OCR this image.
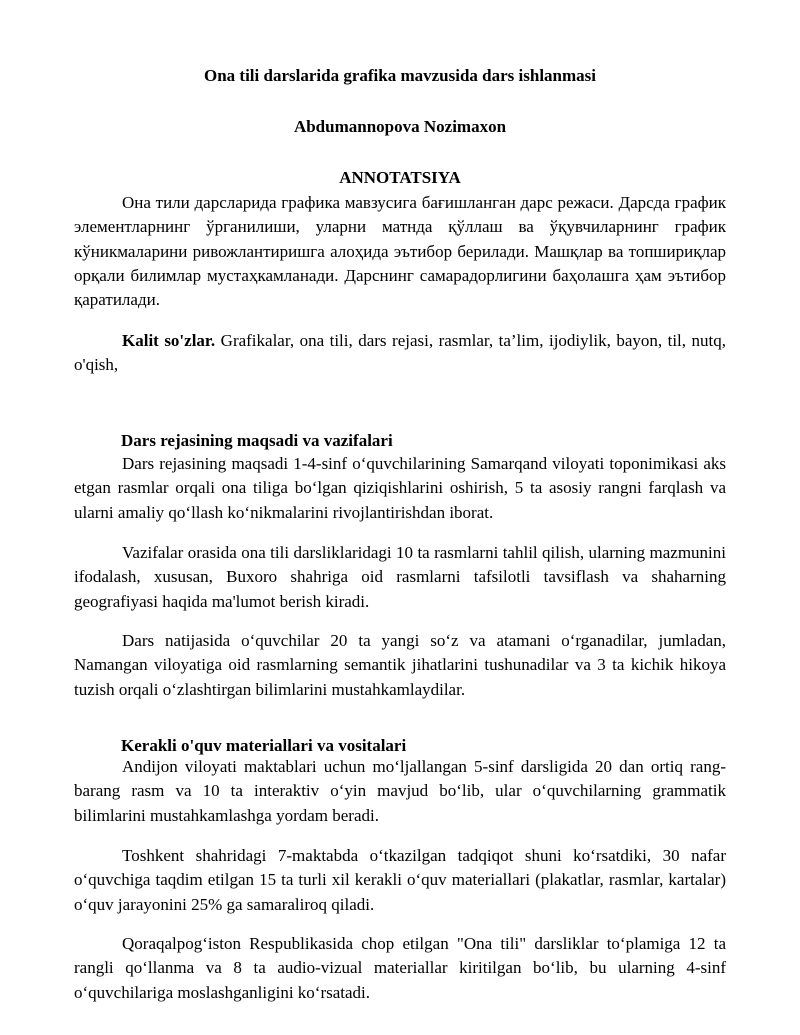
Ona tili darslarida grafika mavzusida dars ishlanmasi
Abdumannopova Nozimaxon
ANNOTATSIYA

Она тили дарсларида графика мавзусига бағишланган дарс режаси. Дарсда график элементларнинг ўрганилиши, уларни матнда қўллаш ва ўқувчиларнинг график кўникмаларини ривожлантиришга алоҳида эътибор берилади. Машқлар ва топшириқлар орқали билимлар мустаҳкамланади. Дарснинг самарадорлигини баҳолашга ҳам эътибор қаратилади.

Kalit so'zlar. Grafikalar, ona tili, dars rejasi, rasmlar, ta’lim, ijodiylik, bayon, til, nutq, o'qish,

Dars rejasining maqsadi va vazifalari

Dars rejasining maqsadi 1-4-sinf o‘quvchilarining Samarqand viloyati toponimikasi aks etgan rasmlar orqali ona tiliga bo‘lgan qiziqishlarini oshirish, 5 ta asosiy rangni farqlash va ularni amaliy qo‘llash ko‘nikmalarini rivojlantirishdan iborat.

Vazifalar orasida ona tili darsliklaridagi 10 ta rasmlarni tahlil qilish, ularning mazmunini ifodalash, xususan, Buxoro shahriga oid rasmlarni tafsilotli tavsiflash va shaharning geografiyasi haqida ma'lumot berish kiradi.

Dars natijasida o‘quvchilar 20 ta yangi so‘z va atamani o‘rganadilar, jumladan, Namangan viloyatiga oid rasmlarning semantik jihatlarini tushunadilar va 3 ta kichik hikoya tuzish orqali o‘zlashtirgan bilimlarini mustahkamlaydilar.

Kerakli o'quv materiallari va vositalari

Andijon viloyati maktablari uchun mo‘ljallangan 5-sinf darsligida 20 dan ortiq rang-barang rasm va 10 ta interaktiv o‘yin mavjud bo‘lib, ular o‘quvchilarning grammatik bilimlarini mustahkamlashga yordam beradi.

Toshkent shahridagi 7-maktabda o‘tkazilgan tadqiqot shuni ko‘rsatdiki, 30 nafar o‘quvchiga taqdim etilgan 15 ta turli xil kerakli o‘quv materiallari (plakatlar, rasmlar, kartalar) o‘quv jarayonini 25% ga samaraliroq qiladi.

Qoraqalpog‘iston Respublikasida chop etilgan "Ona tili" darsliklar to‘plamiga 12 ta rangli qo‘llanma va 8 ta audio-vizual materiallar kiritilgan bo‘lib, bu ularning 4-sinf o‘quvchilariga moslashganligini ko‘rsatadi.
